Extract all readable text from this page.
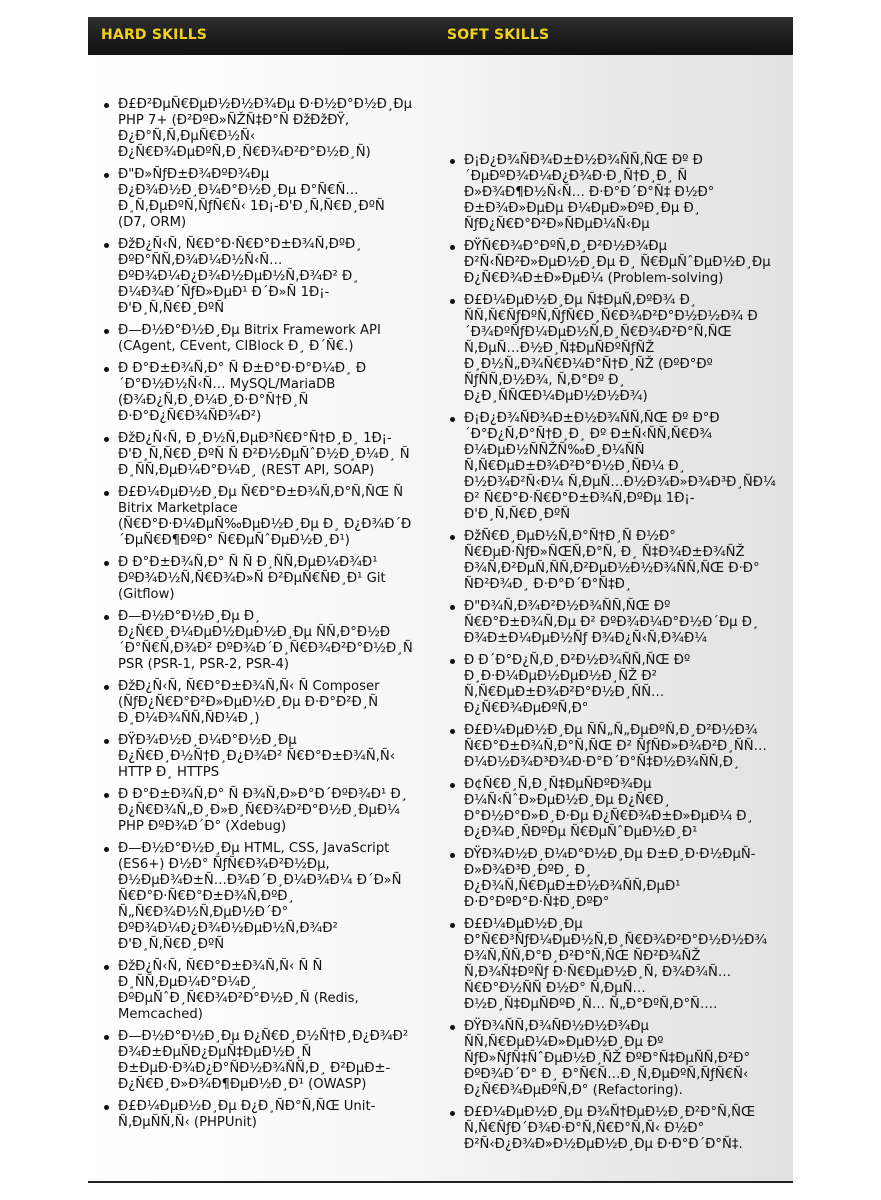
HARD SKILLS	SOFT SKILLS
Ð£Ð²ÐµÑ€ÐµÐ½Ð½Ð¾Ðµ Ð·Ð½Ð°Ð½Ð¸Ðµ PHP 7+ (Ð²ÐºÐ»ÑŽÑ‡Ð°Ñ ÐžÐžÐŸ, Ð¿Ð°Ñ‚Ñ‚ÐµÑ€Ð½Ñ‹ Ð¿Ñ€Ð¾ÐµÐºÑ‚Ð¸Ñ€Ð¾Ð²Ð°Ð½Ð¸Ñ)
Ð"Ð»ÑƒÐ±Ð¾ÐºÐ¾Ðµ Ð¿Ð¾Ð½Ð¸Ð¼Ð°Ð½Ð¸Ðµ Ð°Ñ€Ñ…Ð¸Ñ‚ÐµÐºÑ‚ÑƒÑ€Ñ‹ 1Ð¡-Ð'Ð¸Ñ‚Ñ€Ð¸ÐºÑ (D7, ORM)
ÐžÐ¿Ñ‹Ñ‚ Ñ€Ð°Ð·Ñ€Ð°Ð±Ð¾Ñ‚ÐºÐ¸ ÐºÐ°ÑÑ‚Ð¾Ð¼Ð½Ñ‹Ñ… ÐºÐ¾Ð¼Ð¿Ð¾Ð½ÐµÐ½Ñ‚Ð¾Ð² Ð¸ Ð¼Ð¾Ð´ÑƒÐ»ÐµÐ¹ Ð´Ð»Ñ 1Ð¡-Ð'Ð¸Ñ‚Ñ€Ð¸ÐºÑ
Ð—Ð½Ð°Ð½Ð¸Ðµ Bitrix Framework API (CAgent, CEvent, CIBlock Ð¸ Ð´Ñ€.)
Ð Ð°Ð±Ð¾Ñ‚Ð° Ñ Ð±Ð°Ð·Ð°Ð¼Ð¸ Ð´Ð°Ð½Ð½Ñ‹Ñ… MySQL/MariaDB (Ð¾Ð¿Ñ‚Ð¸Ð¼Ð¸Ð·Ð°Ñ†Ð¸Ñ Ð·Ð°Ð¿Ñ€Ð¾ÑÐ¾Ð²)
ÐžÐ¿Ñ‹Ñ‚ Ð¸Ð½Ñ‚ÐµÐ³Ñ€Ð°Ñ†Ð¸Ð¸ 1Ð¡-Ð'Ð¸Ñ‚Ñ€Ð¸ÐºÑ Ñ Ð²Ð½ÐµÑˆÐ½Ð¸Ð¼Ð¸ Ñ Ð¸ÑÑ‚ÐµÐ¼Ð°Ð¼Ð¸ (REST API, SOAP)
Ð£Ð¼ÐµÐ½Ð¸Ðµ Ñ€Ð°Ð±Ð¾Ñ‚Ð°Ñ‚ÑŒ Ñ Bitrix Marketplace (Ñ€Ð°Ð·Ð¼ÐµÑ‰ÐµÐ½Ð¸Ðµ Ð¸ Ð¿Ð¾Ð´Ð´ÐµÑ€Ð¶ÐºÐ° Ñ€ÐµÑˆÐµÐ½Ð¸Ð¹)
Ð Ð°Ð±Ð¾Ñ‚Ð° Ñ Ñ Ð¸ÑÑ‚ÐµÐ¼Ð¾Ð¹ ÐºÐ¾Ð½Ñ‚Ñ€Ð¾Ð»Ñ Ð²ÐµÑ€ÑÐ¸Ð¹ Git (Gitflow)
Ð—Ð½Ð°Ð½Ð¸Ðµ Ð¸ Ð¿Ñ€Ð¸Ð¼ÐµÐ½ÐµÐ½Ð¸Ðµ ÑÑ‚Ð°Ð½Ð´Ð°Ñ€Ñ‚Ð¾Ð² ÐºÐ¾Ð´Ð¸Ñ€Ð¾Ð²Ð°Ð½Ð¸Ñ PSR (PSR-1, PSR-2, PSR-4)
ÐžÐ¿Ñ‹Ñ‚ Ñ€Ð°Ð±Ð¾Ñ‚Ñ‹ Ñ Composer (ÑƒÐ¿Ñ€Ð°Ð²Ð»ÐµÐ½Ð¸Ðµ Ð·Ð°Ð²Ð¸Ñ Ð¸Ð¼Ð¾ÑÑ‚ÑÐ¼Ð¸)
ÐŸÐ¾Ð½Ð¸Ð¼Ð°Ð½Ð¸Ðµ Ð¿Ñ€Ð¸Ð½Ñ†Ð¸Ð¿Ð¾Ð² Ñ€Ð°Ð±Ð¾Ñ‚Ñ‹ HTTP Ð¸ HTTPS
Ð Ð°Ð±Ð¾Ñ‚Ð° Ñ Ð¾Ñ‚Ð»Ð°Ð´ÐºÐ¾Ð¹ Ð¸ Ð¿Ñ€Ð¾Ñ„Ð¸Ð»Ð¸Ñ€Ð¾Ð²Ð°Ð½Ð¸ÐµÐ¼ PHP ÐºÐ¾Ð´Ð° (Xdebug)
Ð—Ð½Ð°Ð½Ð¸Ðµ HTML, CSS, JavaScript (ES6+) Ð½Ð° ÑƒÑ€Ð¾Ð²Ð½Ðµ, Ð½ÐµÐ¾Ð±Ñ…Ð¾Ð´Ð¸Ð¼Ð¾Ð¼ Ð´Ð»Ñ Ñ€Ð°Ð·Ñ€Ð°Ð±Ð¾Ñ‚ÐºÐ¸ Ñ„Ñ€Ð¾Ð½Ñ‚ÐµÐ½Ð´Ð° ÐºÐ¾Ð¼Ð¿Ð¾Ð½ÐµÐ½Ñ‚Ð¾Ð² Ð'Ð¸Ñ‚Ñ€Ð¸ÐºÑ
ÐžÐ¿Ñ‹Ñ‚ Ñ€Ð°Ð±Ð¾Ñ‚Ñ‹ Ñ Ñ Ð¸ÑÑ‚ÐµÐ¼Ð°Ð¼Ð¸ ÐºÐµÑˆÐ¸Ñ€Ð¾Ð²Ð°Ð½Ð¸Ñ (Redis, Memcached)
Ð—Ð½Ð°Ð½Ð¸Ðµ Ð¿Ñ€Ð¸Ð½Ñ†Ð¸Ð¿Ð¾Ð² Ð¾Ð±ÐµÑÐ¿ÐµÑ‡ÐµÐ½Ð¸Ñ Ð±ÐµÐ·Ð¾Ð¿Ð°ÑÐ½Ð¾ÑÑ‚Ð¸ Ð²ÐµÐ±-Ð¿Ñ€Ð¸Ð»Ð¾Ð¶ÐµÐ½Ð¸Ð¹ (OWASP)
Ð£Ð¼ÐµÐ½Ð¸Ðµ Ð¿Ð¸ÑÐ°Ñ‚ÑŒ Unit-Ñ‚ÐµÑÑ‚Ñ‹ (PHPUnit)
Ð¡Ð¿Ð¾ÑÐ¾Ð±Ð½Ð¾ÑÑ‚ÑŒ Ðº Ð´ÐµÐºÐ¾Ð¼Ð¿Ð¾Ð·Ð¸Ñ†Ð¸Ð¸ Ñ Ð»Ð¾Ð¶Ð½Ñ‹Ñ… Ð·Ð°Ð´Ð°Ñ‡ Ð½Ð° Ð±Ð¾Ð»ÐµÐµ Ð¼ÐµÐ»ÐºÐ¸Ðµ Ð¸ ÑƒÐ¿Ñ€Ð°Ð²Ð»ÑÐµÐ¼Ñ‹Ðµ
ÐŸÑ€Ð¾Ð°ÐºÑ‚Ð¸Ð²Ð½Ð¾Ðµ Ð²Ñ‹ÑÐ²Ð»ÐµÐ½Ð¸Ðµ Ð¸ Ñ€ÐµÑˆÐµÐ½Ð¸Ðµ Ð¿Ñ€Ð¾Ð±Ð»ÐµÐ¼ (Problem-solving)
Ð£Ð¼ÐµÐ½Ð¸Ðµ Ñ‡ÐµÑ‚ÐºÐ¾ Ð¸ ÑÑ‚Ñ€ÑƒÐºÑ‚ÑƒÑ€Ð¸Ñ€Ð¾Ð²Ð°Ð½Ð½Ð¾ Ð´Ð¾ÐºÑƒÐ¼ÐµÐ½Ñ‚Ð¸Ñ€Ð¾Ð²Ð°Ñ‚ÑŒ Ñ‚ÐµÑ…Ð½Ð¸Ñ‡ÐµÑÐºÑƒÑŽ Ð¸Ð½Ñ„Ð¾Ñ€Ð¼Ð°Ñ†Ð¸ÑŽ (ÐºÐ°Ðº ÑƒÑÑ‚Ð½Ð¾, Ñ‚Ð°Ðº Ð¸ Ð¿Ð¸ÑÑŒÐ¼ÐµÐ½Ð½Ð¾)
Ð¡Ð¿Ð¾ÑÐ¾Ð±Ð½Ð¾ÑÑ‚ÑŒ Ðº Ð°Ð´Ð°Ð¿Ñ‚Ð°Ñ†Ð¸Ð¸ Ðº Ð±Ñ‹ÑÑ‚Ñ€Ð¾ Ð¼ÐµÐ½ÑÑŽÑ‰Ð¸Ð¼ÑÑ Ñ‚Ñ€ÐµÐ±Ð¾Ð²Ð°Ð½Ð¸ÑÐ¼ Ð¸ Ð½Ð¾Ð²Ñ‹Ð¼ Ñ‚ÐµÑ…Ð½Ð¾Ð»Ð¾Ð³Ð¸ÑÐ¼ Ð² Ñ€Ð°Ð·Ñ€Ð°Ð±Ð¾Ñ‚ÐºÐµ 1Ð¡-Ð'Ð¸Ñ‚Ñ€Ð¸ÐºÑ
ÐžÑ€Ð¸ÐµÐ½Ñ‚Ð°Ñ†Ð¸Ñ Ð½Ð° Ñ€ÐµÐ·ÑƒÐ»ÑŒÑ‚Ð°Ñ‚ Ð¸ Ñ‡Ð¾Ð±Ð¾ÑŽ Ð¾Ñ‚Ð²ÐµÑ‚ÑÑ‚Ð²ÐµÐ½Ð½Ð¾ÑÑ‚ÑŒ Ð·Ð° ÑÐ²Ð¾Ð¸ Ð·Ð°Ð´Ð°Ñ‡Ð¸
Ð"Ð¾Ñ‚Ð¾Ð²Ð½Ð¾ÑÑ‚ÑŒ Ðº Ñ€Ð°Ð±Ð¾Ñ‚Ðµ Ð² ÐºÐ¾Ð¼Ð°Ð½Ð´Ðµ Ð¸ Ð¾Ð±Ð¼ÐµÐ½Ñƒ Ð¾Ð¿Ñ‹Ñ‚Ð¾Ð¼
Ð Ð´Ð°Ð¿Ñ‚Ð¸Ð²Ð½Ð¾ÑÑ‚ÑŒ Ðº Ð¸Ð·Ð¼ÐµÐ½ÐµÐ½Ð¸ÑŽ Ð² Ñ‚Ñ€ÐµÐ±Ð¾Ð²Ð°Ð½Ð¸ÑÑ… Ð¿Ñ€Ð¾ÐµÐºÑ‚Ð°
Ð£Ð¼ÐµÐ½Ð¸Ðµ ÑÑ„Ñ„ÐµÐºÑ‚Ð¸Ð²Ð½Ð¾ Ñ€Ð°Ð±Ð¾Ñ‚Ð°Ñ‚ÑŒ Ð² ÑƒÑÐ»Ð¾Ð²Ð¸ÑÑ… Ð¼Ð½Ð¾Ð³Ð¾Ð·Ð°Ð´Ð°Ñ‡Ð½Ð¾ÑÑ‚Ð¸
Ð¢Ñ€Ð¸Ñ‚Ð¸Ñ‡ÐµÑÐºÐ¾Ðµ Ð¼Ñ‹ÑˆÐ»ÐµÐ½Ð¸Ðµ Ð¿Ñ€Ð¸ Ð°Ð½Ð°Ð»Ð¸Ð·Ðµ Ð¿Ñ€Ð¾Ð±Ð»ÐµÐ¼ Ð¸ Ð¿Ð¾Ð¸ÑÐºÐµ Ñ€ÐµÑˆÐµÐ½Ð¸Ð¹
ÐŸÐ¾Ð½Ð¸Ð¼Ð°Ð½Ð¸Ðµ Ð±Ð¸Ð·Ð½ÐµÑ-Ð»Ð¾Ð³Ð¸ÐºÐ¸ Ð¸ Ð¿Ð¾Ñ‚Ñ€ÐµÐ±Ð½Ð¾ÑÑ‚ÐµÐ¹ Ð·Ð°ÐºÐ°Ð·Ñ‡Ð¸ÐºÐ°
Ð£Ð¼ÐµÐ½Ð¸Ðµ Ð°Ñ€Ð³ÑƒÐ¼ÐµÐ½Ñ‚Ð¸Ñ€Ð¾Ð²Ð°Ð½Ð½Ð¾ Ð¾Ñ‚ÑÑ‚Ð°Ð¸Ð²Ð°Ñ‚ÑŒ ÑÐ²Ð¾ÑŽ Ñ‚Ð¾Ñ‡ÐºÑƒ Ð·Ñ€ÐµÐ½Ð¸Ñ, Ð¾Ð¾Ñ…Ñ€Ð°Ð½ÑÑ Ð½Ð° Ñ‚ÐµÑ…Ð½Ð¸Ñ‡ÐµÑÐºÐ¸Ñ… Ñ„Ð°ÐºÑ‚Ð°Ñ….
ÐŸÐ¾ÑÑ‚Ð¾ÑÐ½Ð½Ð¾Ðµ ÑÑ‚Ñ€ÐµÐ¼Ð»ÐµÐ½Ð¸Ðµ Ðº ÑƒÐ»ÑƒÑ‡ÑˆÐµÐ½Ð¸ÑŽ ÐºÐ°Ñ‡ÐµÑÑ‚Ð²Ð° ÐºÐ¾Ð´Ð° Ð¸ Ð°Ñ€Ñ…Ð¸Ñ‚ÐµÐºÑ‚ÑƒÑ€Ñ‹ Ð¿Ñ€Ð¾ÐµÐºÑ‚Ð° (Refactoring).
Ð£Ð¼ÐµÐ½Ð¸Ðµ Ð¾Ñ†ÐµÐ½Ð¸Ð²Ð°Ñ‚ÑŒ Ñ‚Ñ€ÑƒÐ´Ð¾Ð·Ð°Ñ‚Ñ€Ð°Ñ‚Ñ‹ Ð½Ð° Ð²Ñ‹Ð¿Ð¾Ð»Ð½ÐµÐ½Ð¸Ðµ Ð·Ð°Ð´Ð°Ñ‡.
